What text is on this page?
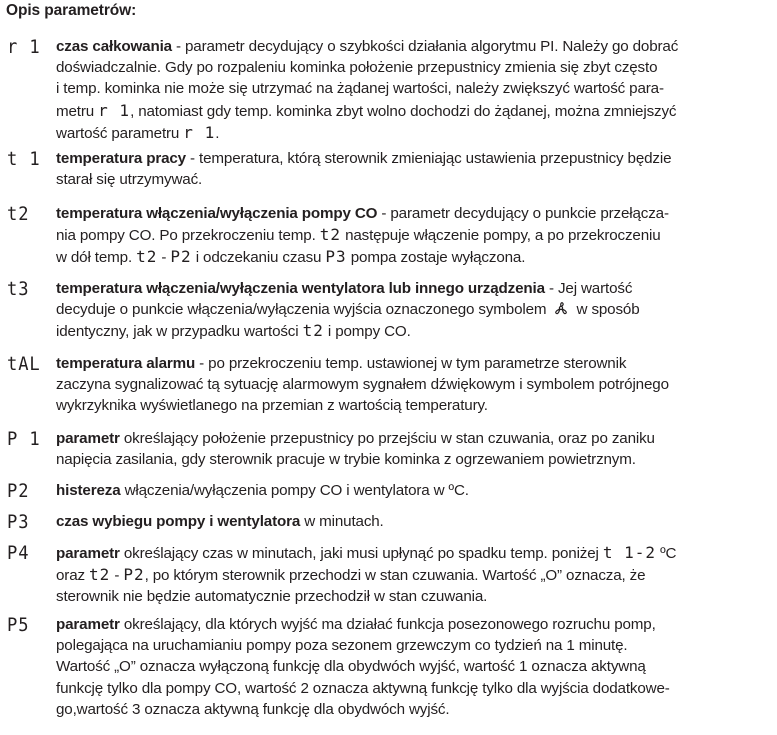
Opis parametrów:
r 1 czas całkowania - parametr decydujący o szybkości działania algorytmu PI. Należy go dobrać
doświadczalnie. Gdy po rozpaleniu kominka położenie przepustnicy zmienia się zbyt często
i temp. kominka nie może się utrzymać na żądanej wartości, należy zwiększyć wartość para-
metru r 1, natomiast gdy temp. kominka zbyt wolno dochodzi do żądanej, można zmniejszyć
wartość parametru r 1.
t 1 temperatura pracy - temperatura, którą sterownik zmieniając ustawienia przepustnicy będzie
starał się utrzymywać.
t2 temperatura włączenia/wyłączenia pompy CO - parametr decydujący o punkcie przełącza-
nia pompy CO. Po przekroczeniu temp. t2 następuje włączenie pompy, a po przekroczeniu
w dół temp. t2 - P2 i odczekaniu czasu P3 pompa zostaje wyłączona.
t3 temperatura włączenia/wyłączenia wentylatora lub innego urządzenia - Jej wartość
decyduje o punkcie włączenia/wyłączenia wyjścia oznaczonego symbolem  w sposób
identyczny, jak w przypadku wartości t2 i pompy CO.
tAL temperatura alarmu - po przekroczeniu temp. ustawionej w tym parametrze sterownik
zaczyna sygnalizować tą sytuację alarmowym sygnałem dźwiękowym i symbolem potrójnego
wykrzyknika wyświetlanego na przemian z wartością temperatury.
P 1 parametr określający położenie przepustnicy po przejściu w stan czuwania, oraz po zaniku
napięcia zasilania, gdy sterownik pracuje w trybie kominka z ogrzewaniem powietrznym.
P2 histereza włączenia/wyłączenia pompy CO i wentylatora w ºC.
P3 czas wybiegu pompy i wentylatora w minutach.
P4 parametr określający czas w minutach, jaki musi upłynąć po spadku temp. poniżej t 1-2 ºC
oraz t2 - P2, po którym sterownik przechodzi w stan czuwania. Wartość „O” oznacza, że
sterownik nie będzie automatycznie przechodził w stan czuwania.
P5 parametr określający, dla których wyjść ma działać funkcja posezonowego rozruchu pomp,
polegająca na uruchamianiu pompy poza sezonem grzewczym co tydzień na 1 minutę.
Wartość „O” oznacza wyłączoną funkcję dla obydwóch wyjść, wartość 1 oznacza aktywną
funkcję tylko dla pompy CO, wartość 2 oznacza aktywną funkcję tylko dla wyjścia dodatkowe-
go,wartość 3 oznacza aktywną funkcję dla obydwóch wyjść.
